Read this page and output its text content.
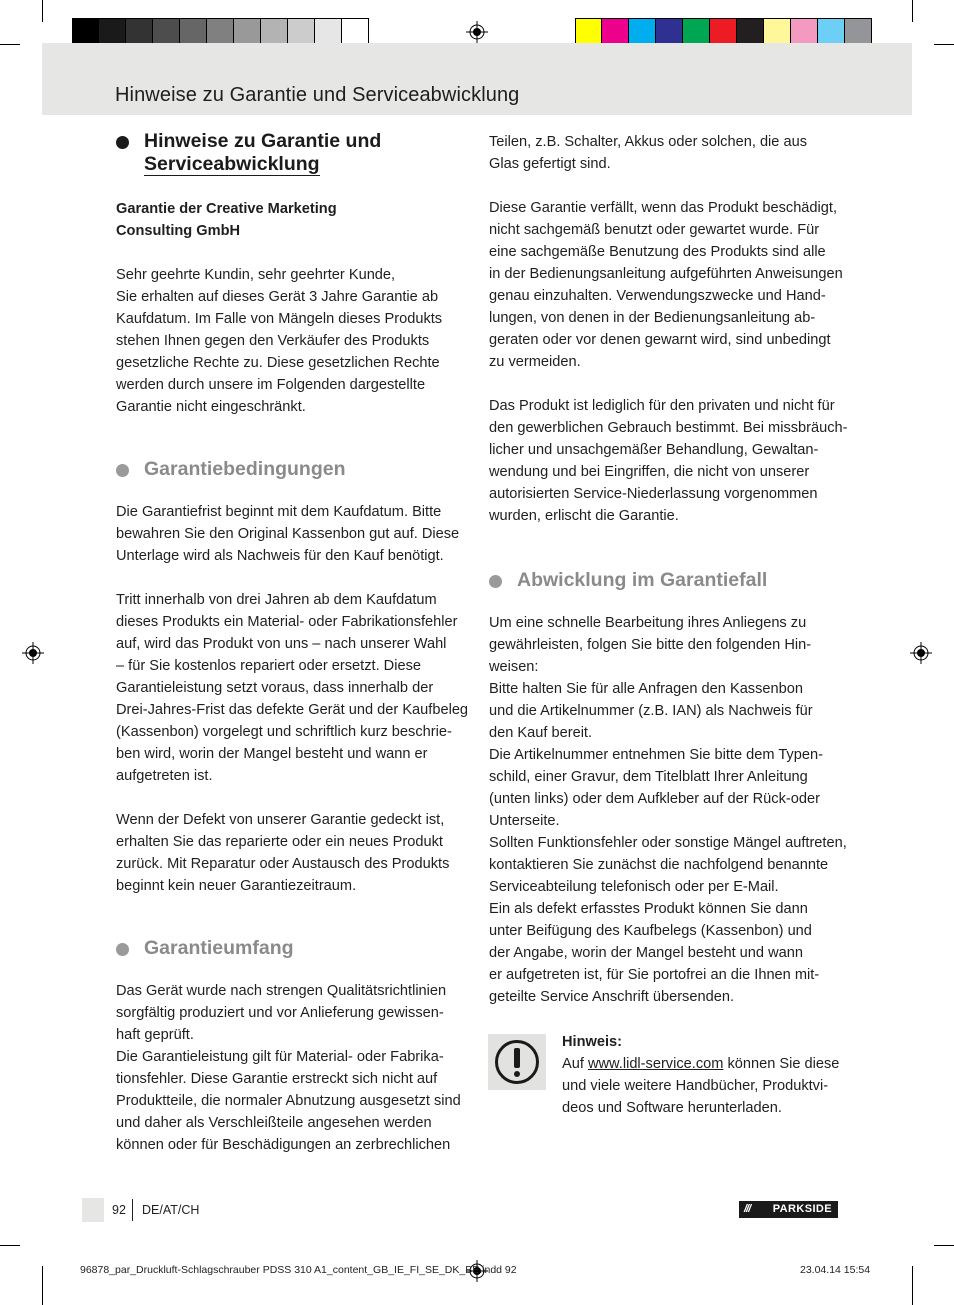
Hinweise zu Garantie und Serviceabwicklung
Hinweise zu Garantie und
Serviceabwicklung

Garantie der Creative Marketing
Consulting GmbH

Sehr geehrte Kundin, sehr geehrter Kunde,
Sie erhalten auf dieses Gerät 3 Jahre Garantie ab
Kaufdatum. Im Falle von Mängeln dieses Produkts
stehen Ihnen gegen den Verkäufer des Produkts
gesetzliche Rechte zu. Diese gesetzlichen Rechte
werden durch unsere im Folgenden dargestellte
Garantie nicht eingeschränkt.

Garantiebedingungen

Die Garantiefrist beginnt mit dem Kaufdatum. Bitte
bewahren Sie den Original Kassenbon gut auf. Diese
Unterlage wird als Nachweis für den Kauf benötigt.

Tritt innerhalb von drei Jahren ab dem Kaufdatum
dieses Produkts ein Material- oder Fabrikationsfehler
auf, wird das Produkt von uns – nach unserer Wahl
– für Sie kostenlos repariert oder ersetzt. Diese
Garantieleistung setzt voraus, dass innerhalb der
Drei-Jahres-Frist das defekte Gerät und der Kaufbeleg
(Kassenbon) vorgelegt und schriftlich kurz beschrie-
ben wird, worin der Mangel besteht und wann er
aufgetreten ist.

Wenn der Defekt von unserer Garantie gedeckt ist,
erhalten Sie das reparierte oder ein neues Produkt
zurück. Mit Reparatur oder Austausch des Produkts
beginnt kein neuer Garantiezeitraum.

Garantieumfang

Das Gerät wurde nach strengen Qualitätsrichtlinien
sorgfältig produziert und vor Anlieferung gewissen-
haft geprüft.
Die Garantieleistung gilt für Material- oder Fabrika-
tionsfehler. Diese Garantie erstreckt sich nicht auf
Produktteile, die normaler Abnutzung ausgesetzt sind
und daher als Verschleißteile angesehen werden
können oder für Beschädigungen an zerbrechlichen

Teilen, z.B. Schalter, Akkus oder solchen, die aus
Glas gefertigt sind.

Diese Garantie verfällt, wenn das Produkt beschädigt,
nicht sachgemäß benutzt oder gewartet wurde. Für
eine sachgemäße Benutzung des Produkts sind alle
in der Bedienungsanleitung aufgeführten Anweisungen
genau einzuhalten. Verwendungszwecke und Hand-
lungen, von denen in der Bedienungsanleitung ab-
geraten oder vor denen gewarnt wird, sind unbedingt
zu vermeiden.

Das Produkt ist lediglich für den privaten und nicht für
den gewerblichen Gebrauch bestimmt. Bei missbräuch-
licher und unsachgemäßer Behandlung, Gewaltan-
wendung und bei Eingriffen, die nicht von unserer
autorisierten Service-Niederlassung vorgenommen
wurden, erlischt die Garantie.

Abwicklung im Garantiefall

Um eine schnelle Bearbeitung ihres Anliegens zu
gewährleisten, folgen Sie bitte den folgenden Hin-
weisen:
Bitte halten Sie für alle Anfragen den Kassenbon
und die Artikelnummer (z.B. IAN) als Nachweis für
den Kauf bereit.
Die Artikelnummer entnehmen Sie bitte dem Typen-
schild, einer Gravur, dem Titelblatt Ihrer Anleitung
(unten links) oder dem Aufkleber auf der Rück-oder
Unterseite.
Sollten Funktionsfehler oder sonstige Mängel auftreten,
kontaktieren Sie zunächst die nachfolgend benannte
Serviceabteilung telefonisch oder per E-Mail.
Ein als defekt erfasstes Produkt können Sie dann
unter Beifügung des Kaufbelegs (Kassenbon) und
der Angabe, worin der Mangel besteht und wann
er aufgetreten ist, für Sie portofrei an die Ihnen mit-
geteilte Service Anschrift übersenden.

Hinweis:
Auf www.lidl-service.com können Sie diese
und viele weitere Handbücher, Produktvi-
deos und Software herunterladen.
92 DE/AT/CH	/// PARKSIDE
96878_par_Druckluft-Schlagschrauber PDSS 310 A1_content_GB_IE_FI_SE_DK_BE.indd 92	23.04.14 15:54
